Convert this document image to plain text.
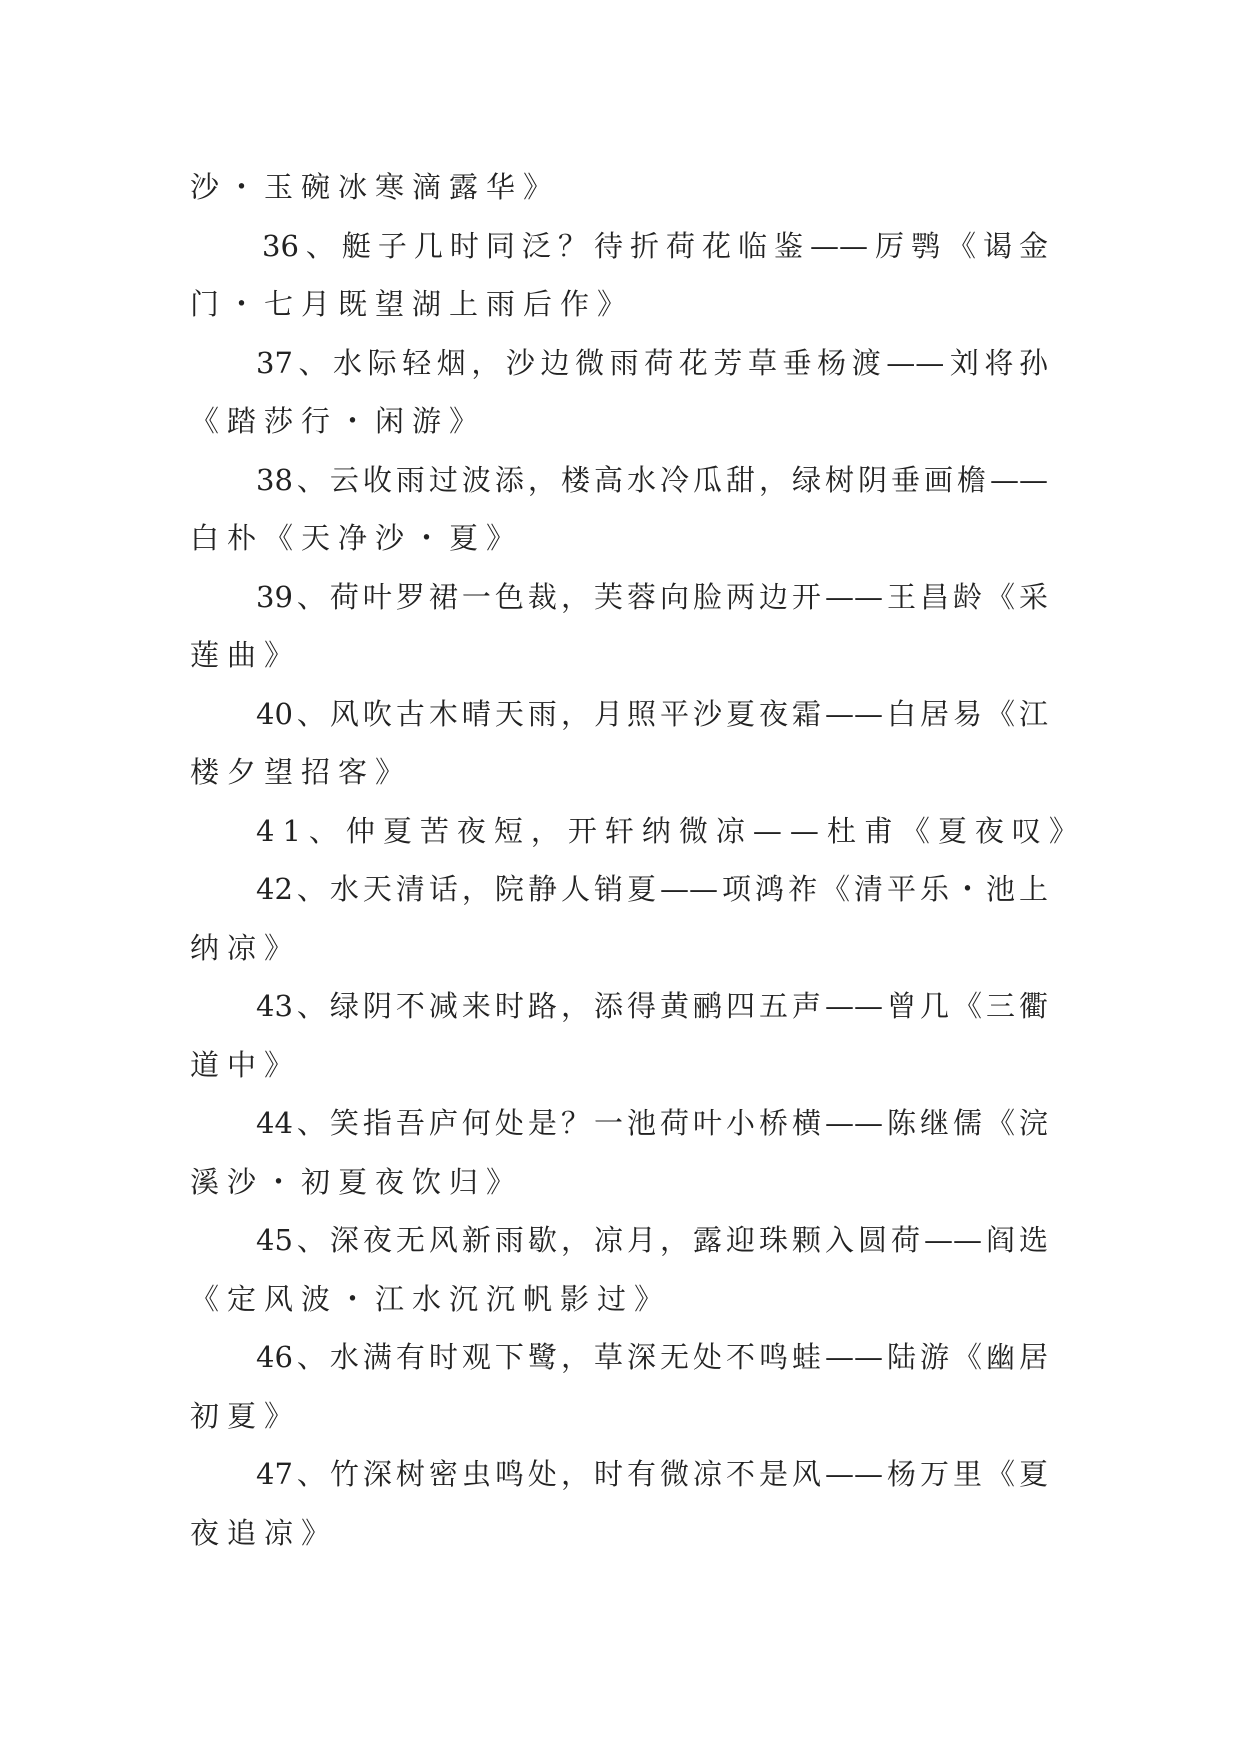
沙・玉碗冰寒滴露华》
36、艇子几时同泛？待折荷花临鉴——厉鹗《谒金
门・七月既望湖上雨后作》
37、水际轻烟，沙边微雨荷花芳草垂杨渡——刘将孙
《踏莎行・闲游》
38、云收雨过波添，楼高水冷瓜甜，绿树阴垂画檐——
白朴《天净沙・夏》
39、荷叶罗裙一色裁，芙蓉向脸两边开——王昌龄《采
莲曲》
40、风吹古木晴天雨，月照平沙夏夜霜——白居易《江
楼夕望招客》
41、仲夏苦夜短，开轩纳微凉——杜甫《夏夜叹》
42、水天清话，院静人销夏——项鸿祚《清平乐・池上
纳凉》
43、绿阴不减来时路，添得黄鹂四五声——曾几《三衢
道中》
44、笑指吾庐何处是？一池荷叶小桥横——陈继儒《浣
溪沙・初夏夜饮归》
45、深夜无风新雨歇，凉月，露迎珠颗入圆荷——阎选
《定风波・江水沉沉帆影过》
46、水满有时观下鹭，草深无处不鸣蛙——陆游《幽居
初夏》
47、竹深树密虫鸣处，时有微凉不是风——杨万里《夏
夜追凉》
